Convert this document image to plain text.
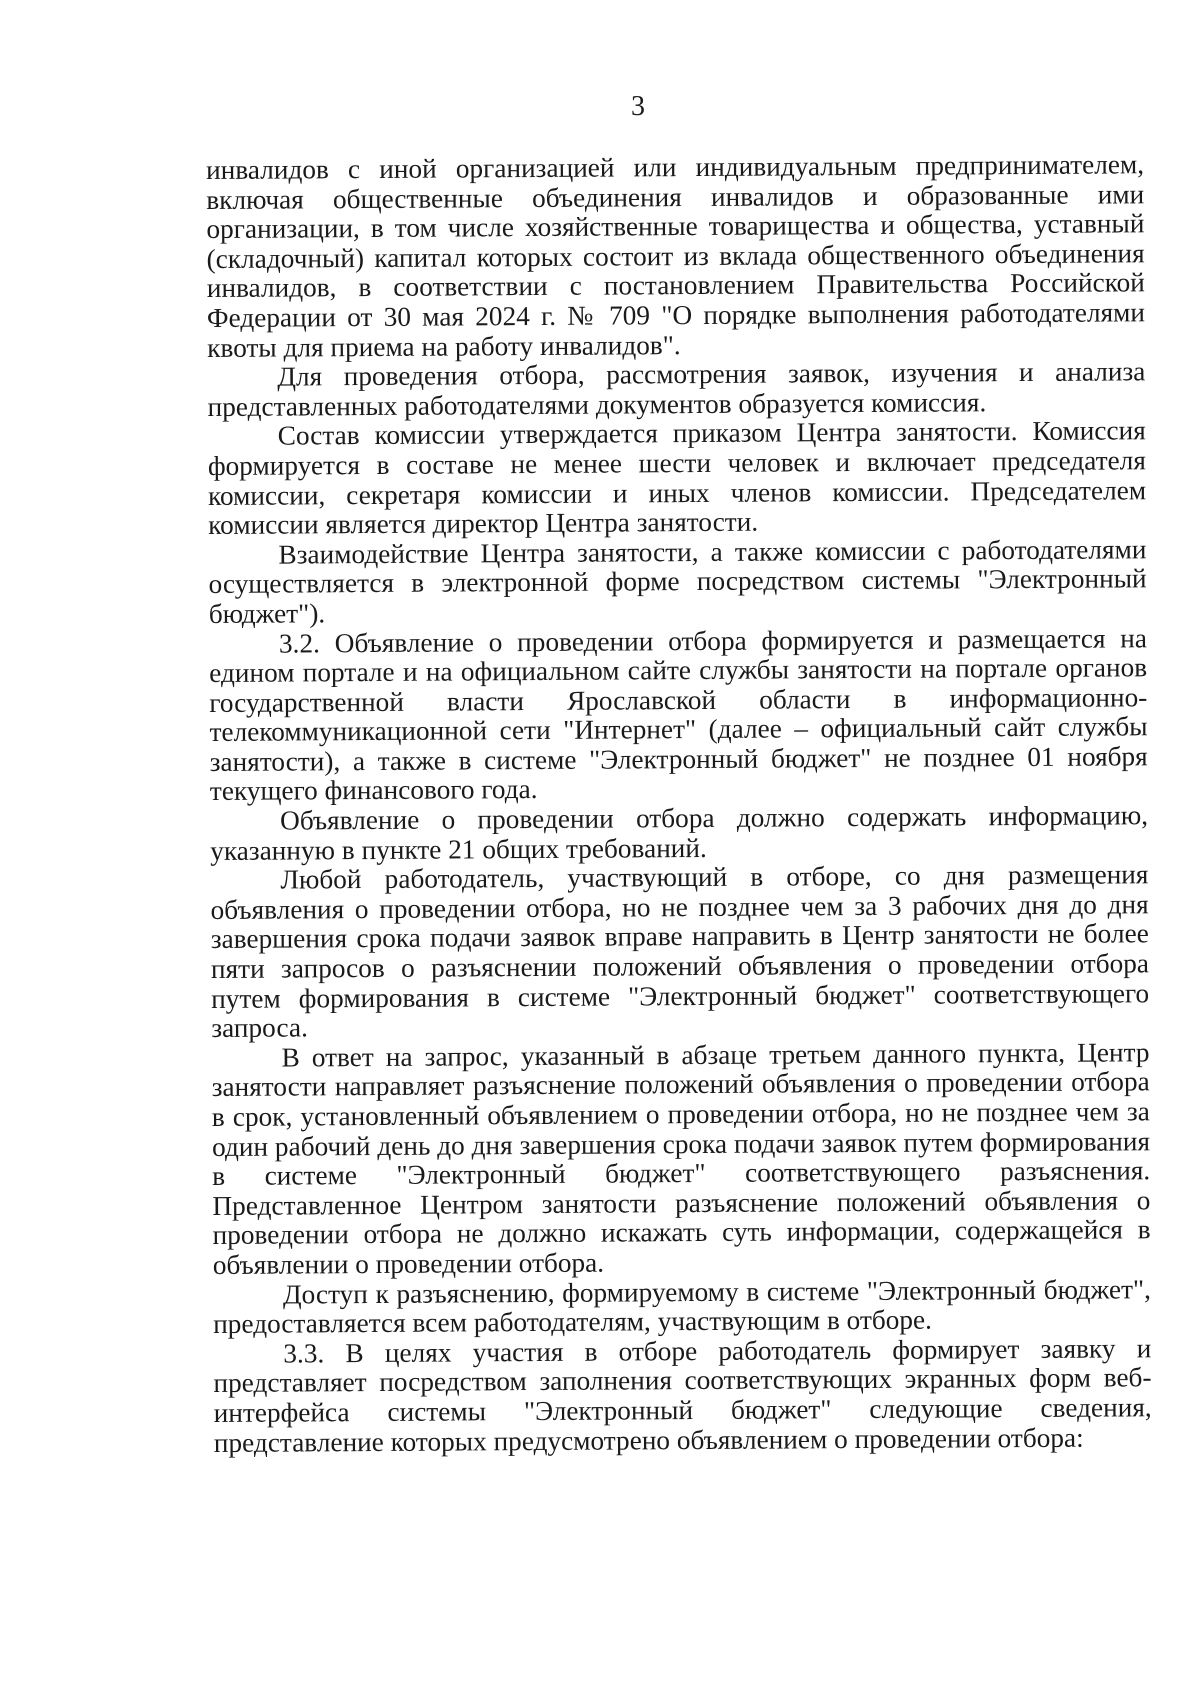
3

инвалидов с иной организацией или индивидуальным предпринимателем, включая общественные объединения инвалидов и образованные ими организации, в том числе хозяйственные товарищества и общества, уставный (складочный) капитал которых состоит из вклада общественного объединения инвалидов, в соответствии с постановлением Правительства Российской Федерации от 30 мая 2024 г. № 709 "О порядке выполнения работодателями квоты для приема на работу инвалидов".

Для проведения отбора, рассмотрения заявок, изучения и анализа представленных работодателями документов образуется комиссия.

Состав комиссии утверждается приказом Центра занятости. Комиссия формируется в составе не менее шести человек и включает председателя комиссии, секретаря комиссии и иных членов комиссии. Председателем комиссии является директор Центра занятости.

Взаимодействие Центра занятости, а также комиссии с работодателями осуществляется в электронной форме посредством системы "Электронный бюджет").

3.2. Объявление о проведении отбора формируется и размещается на едином портале и на официальном сайте службы занятости на портале органов государственной власти Ярославской области в информационно-телекоммуникационной сети "Интернет" (далее – официальный сайт службы занятости), а также в системе "Электронный бюджет" не позднее 01 ноября текущего финансового года.

Объявление о проведении отбора должно содержать информацию, указанную в пункте 21 общих требований.

Любой работодатель, участвующий в отборе, со дня размещения объявления о проведении отбора, но не позднее чем за 3 рабочих дня до дня завершения срока подачи заявок вправе направить в Центр занятости не более пяти запросов о разъяснении положений объявления о проведении отбора путем формирования в системе "Электронный бюджет" соответствующего запроса.

В ответ на запрос, указанный в абзаце третьем данного пункта, Центр занятости направляет разъяснение положений объявления о проведении отбора в срок, установленный объявлением о проведении отбора, но не позднее чем за один рабочий день до дня завершения срока подачи заявок путем формирования в системе "Электронный бюджет" соответствующего разъяснения. Представленное Центром занятости разъяснение положений объявления о проведении отбора не должно искажать суть информации, содержащейся в объявлении о проведении отбора.

Доступ к разъяснению, формируемому в системе "Электронный бюджет", предоставляется всем работодателям, участвующим в отборе.

3.3. В целях участия в отборе работодатель формирует заявку и представляет посредством заполнения соответствующих экранных форм веб-интерфейса системы "Электронный бюджет" следующие сведения, представление которых предусмотрено объявлением о проведении отбора:
